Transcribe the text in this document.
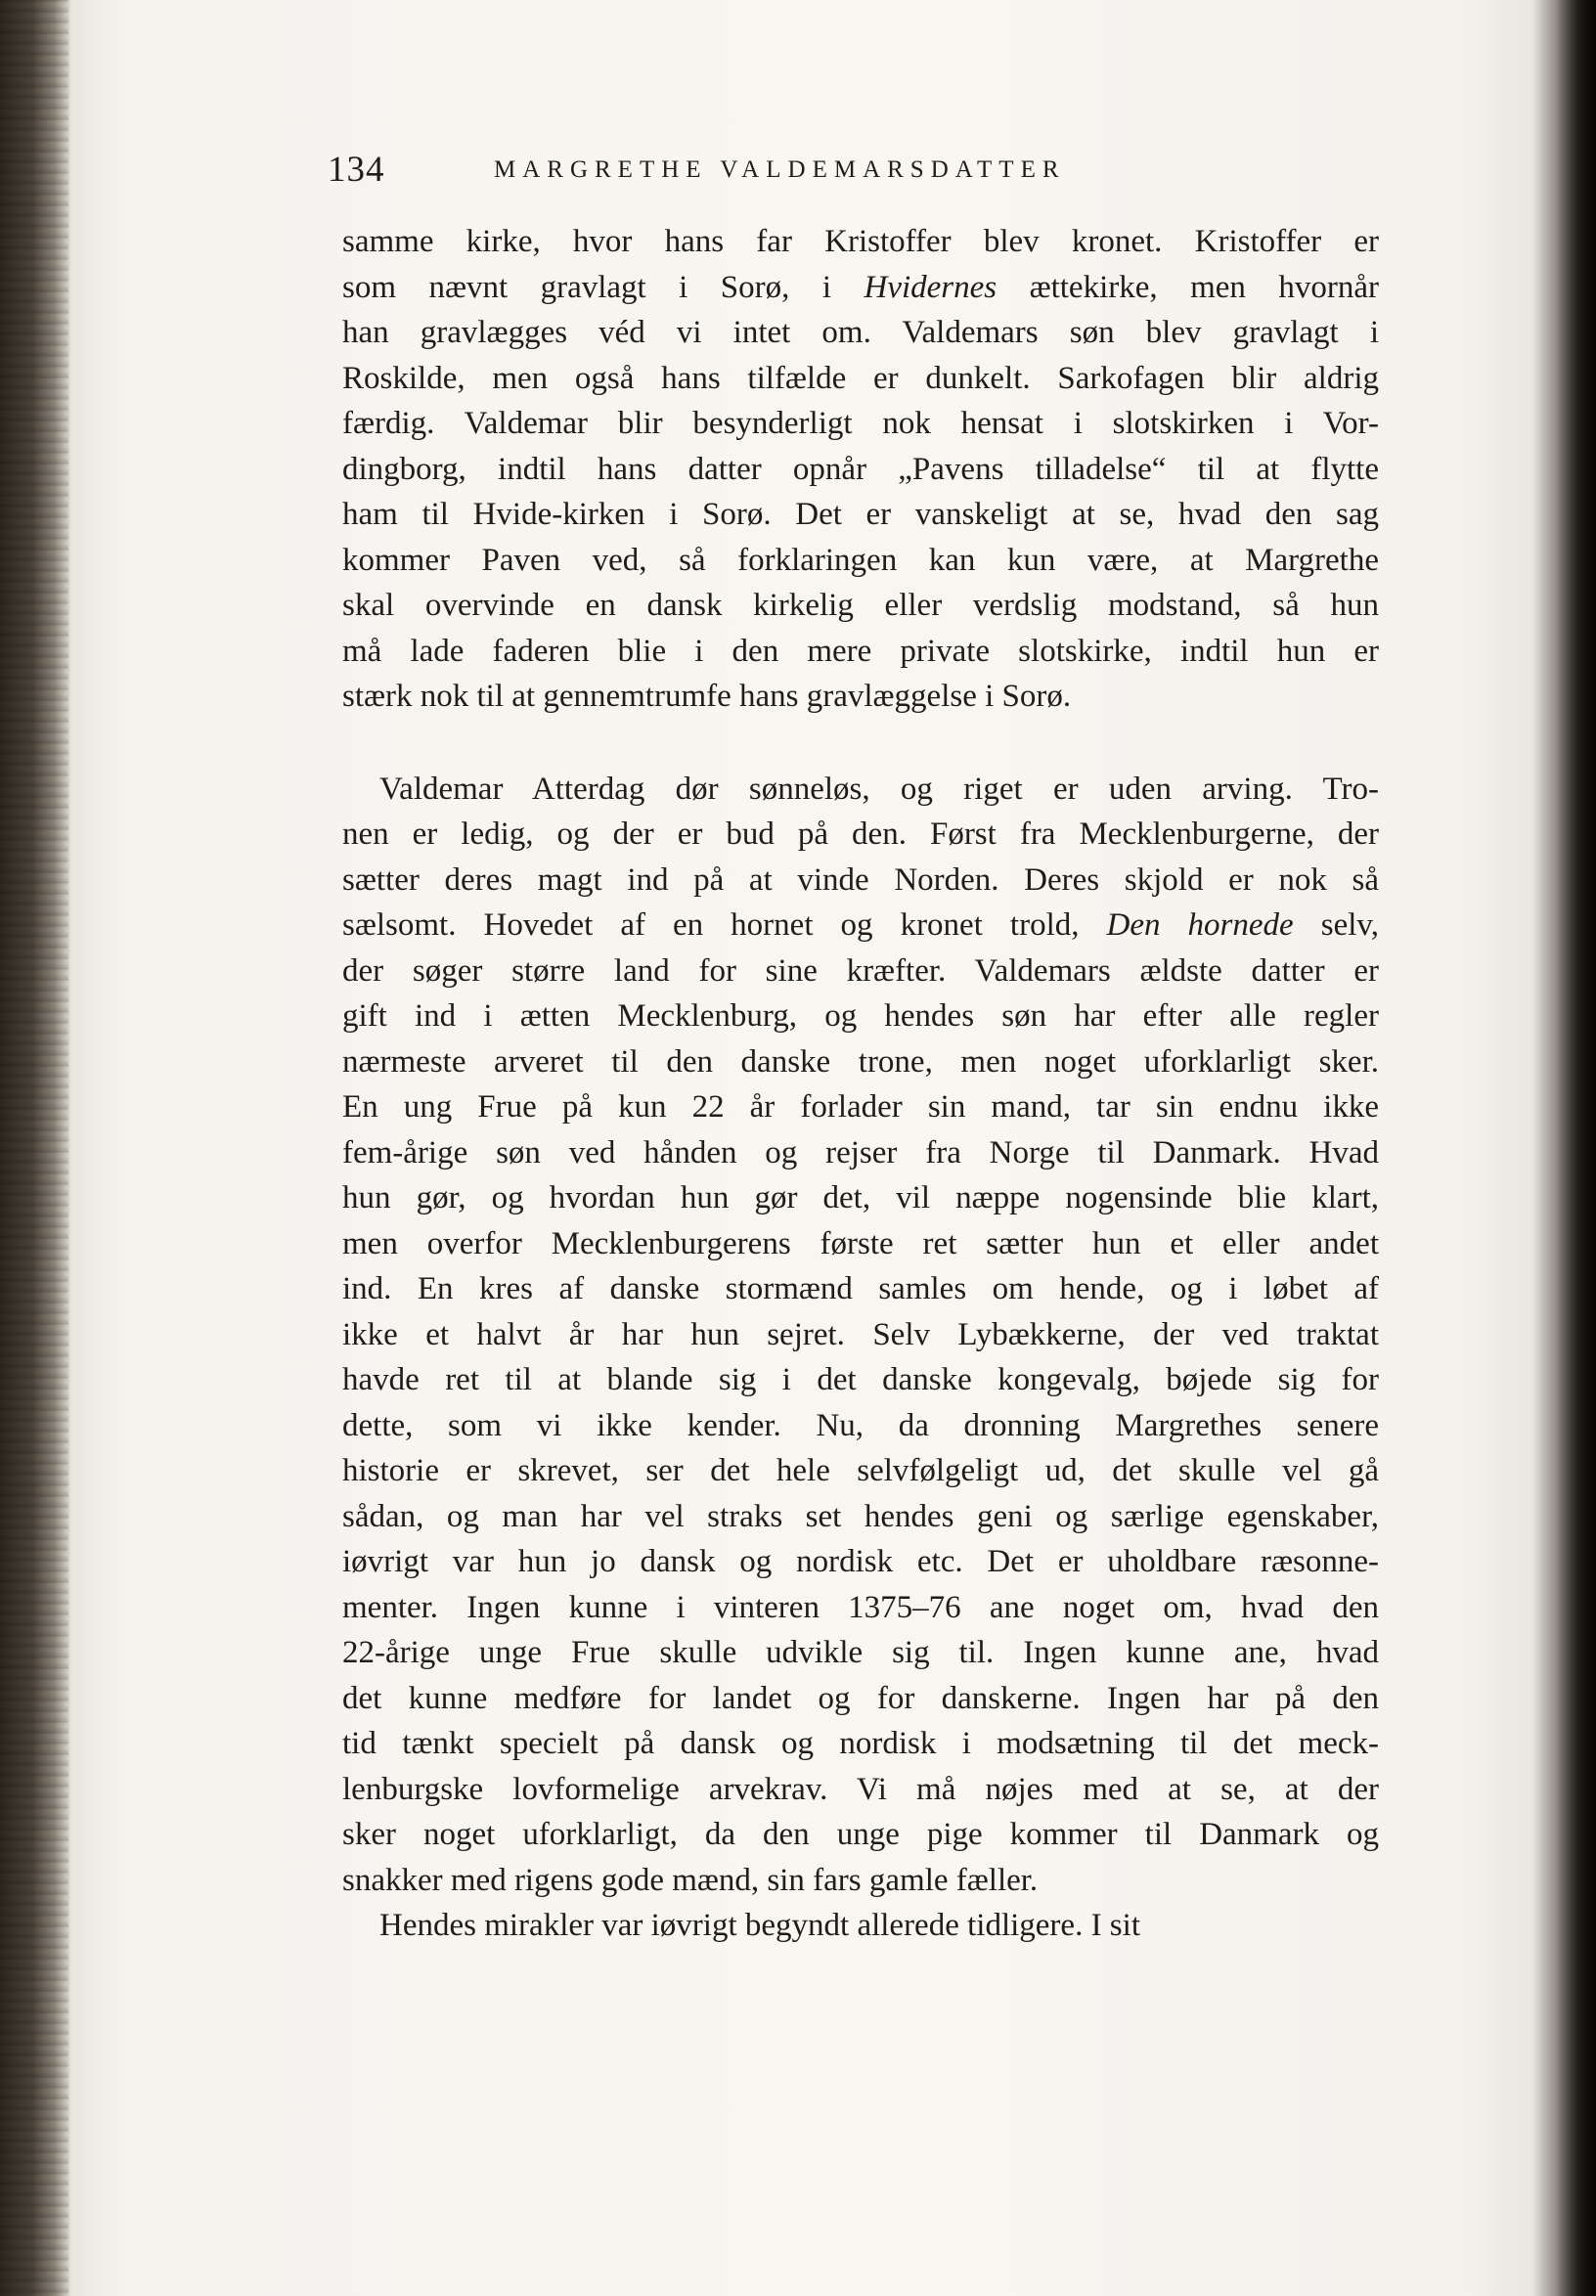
134	MARGRETHE VALDEMARSDATTER

samme kirke, hvor hans far Kristoffer blev kronet. Kristoffer er
som nævnt gravlagt i Sorø, i Hvidernes ættekirke, men hvornår
han gravlægges véd vi intet om. Valdemars søn blev gravlagt i
Roskilde, men også hans tilfælde er dunkelt. Sarkofagen blir aldrig
færdig. Valdemar blir besynderligt nok hensat i slotskirken i Vor-
dingborg, indtil hans datter opnår „Pavens tilladelse“ til at flytte
ham til Hvide-kirken i Sorø. Det er vanskeligt at se, hvad den sag
kommer Paven ved, så forklaringen kan kun være, at Margrethe
skal overvinde en dansk kirkelig eller verdslig modstand, så hun
må lade faderen blie i den mere private slotskirke, indtil hun er
stærk nok til at gennemtrumfe hans gravlæggelse i Sorø.

Valdemar Atterdag dør sønneløs, og riget er uden arving. Tro-
nen er ledig, og der er bud på den. Først fra Mecklenburgerne, der
sætter deres magt ind på at vinde Norden. Deres skjold er nok så
sælsomt. Hovedet af en hornet og kronet trold, Den hornede selv,
der søger større land for sine kræfter. Valdemars ældste datter er
gift ind i ætten Mecklenburg, og hendes søn har efter alle regler
nærmeste arveret til den danske trone, men noget uforklarligt sker.
En ung Frue på kun 22 år forlader sin mand, tar sin endnu ikke
fem-årige søn ved hånden og rejser fra Norge til Danmark. Hvad
hun gør, og hvordan hun gør det, vil næppe nogensinde blie klart,
men overfor Mecklenburgerens første ret sætter hun et eller andet
ind. En kres af danske stormænd samles om hende, og i løbet af
ikke et halvt år har hun sejret. Selv Lybækkerne, der ved traktat
havde ret til at blande sig i det danske kongevalg, bøjede sig for
dette, som vi ikke kender. Nu, da dronning Margrethes senere
historie er skrevet, ser det hele selvfølgeligt ud, det skulle vel gå
sådan, og man har vel straks set hendes geni og særlige egenskaber,
iøvrigt var hun jo dansk og nordisk etc. Det er uholdbare ræsonne-
menter. Ingen kunne i vinteren 1375–76 ane noget om, hvad den
22-årige unge Frue skulle udvikle sig til. Ingen kunne ane, hvad
det kunne medføre for landet og for danskerne. Ingen har på den
tid tænkt specielt på dansk og nordisk i modsætning til det meck-
lenburgske lovformelige arvekrav. Vi må nøjes med at se, at der
sker noget uforklarligt, da den unge pige kommer til Danmark og
snakker med rigens gode mænd, sin fars gamle fæller.

Hendes mirakler var iøvrigt begyndt allerede tidligere. I sit
